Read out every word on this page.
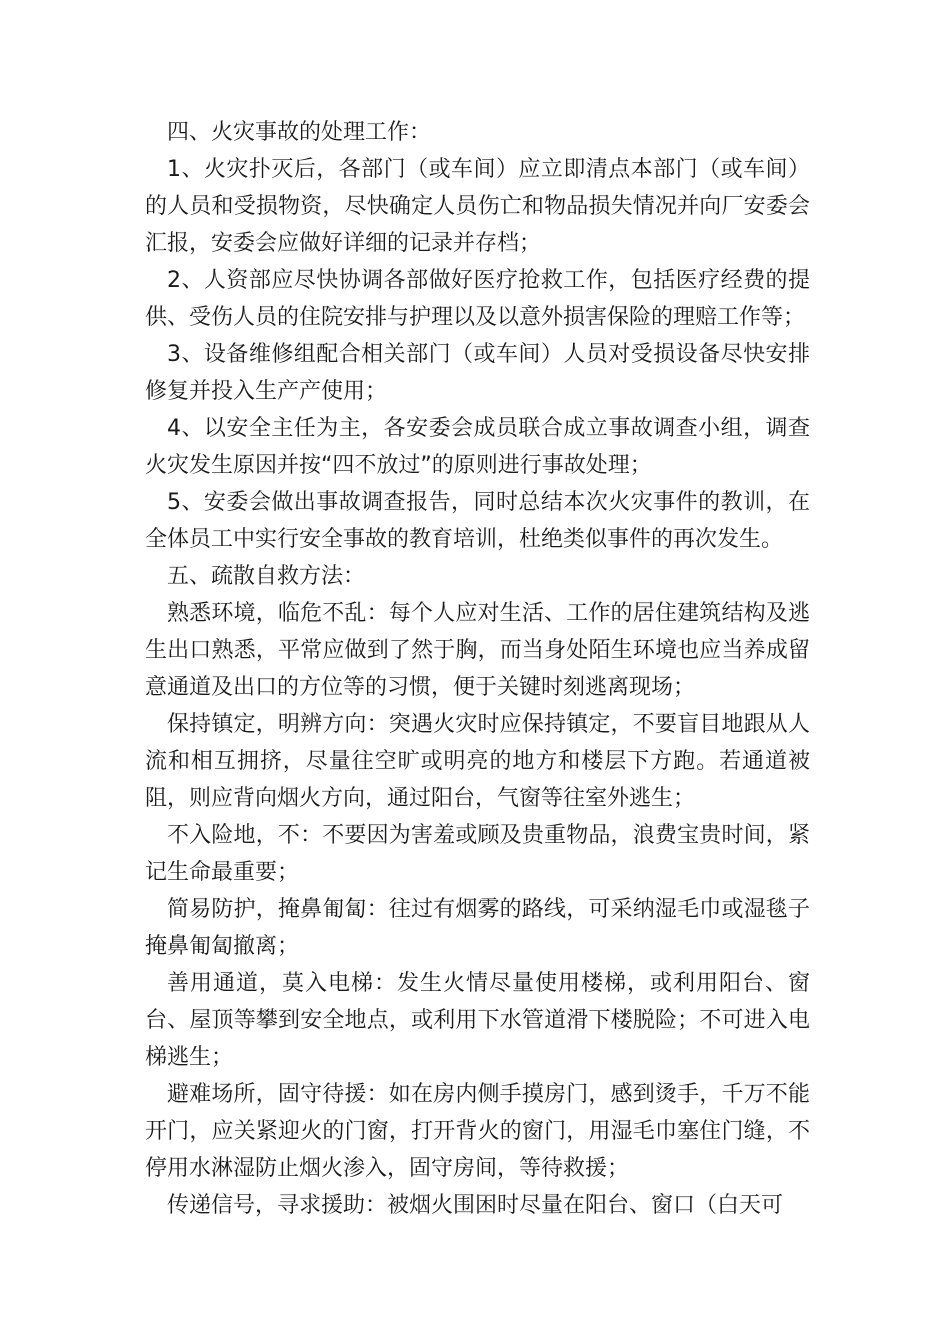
四、火灾事故的处理工作：

1、火灾扑灭后，各部门（或车间）应立即清点本部门（或车间）的人员和受损物资，尽快确定人员伤亡和物品损失情况并向厂安委会汇报，安委会应做好详细的记录并存档；

2、人资部应尽快协调各部做好医疗抢救工作，包括医疗经费的提供、受伤人员的住院安排与护理以及以意外损害保险的理赔工作等；

3、设备维修组配合相关部门（或车间）人员对受损设备尽快安排修复并投入生产产使用；

4、以安全主任为主，各安委会成员联合成立事故调查小组，调查火灾发生原因并按“四不放过”的原则进行事故处理；

5、安委会做出事故调查报告，同时总结本次火灾事件的教训，在全体员工中实行安全事故的教育培训，杜绝类似事件的再次发生。

五、疏散自救方法：

熟悉环境，临危不乱：每个人应对生活、工作的居住建筑结构及逃生出口熟悉，平常应做到了然于胸，而当身处陌生环境也应当养成留意通道及出口的方位等的习惯，便于关键时刻逃离现场；

保持镇定，明辨方向：突遇火灾时应保持镇定，不要盲目地跟从人流和相互拥挤，尽量往空旷或明亮的地方和楼层下方跑。若通道被阻，则应背向烟火方向，通过阳台，气窗等往室外逃生；

不入险地，不：不要因为害羞或顾及贵重物品，浪费宝贵时间，紧记生命最重要；

简易防护，掩鼻匍匐：往过有烟雾的路线，可采纳湿毛巾或湿毯子掩鼻匍匐撤离；

善用通道，莫入电梯：发生火情尽量使用楼梯，或利用阳台、窗台、屋顶等攀到安全地点，或利用下水管道滑下楼脱险；不可进入电梯逃生；

避难场所，固守待援：如在房内侧手摸房门，感到烫手，千万不能开门，应关紧迎火的门窗，打开背火的窗门，用湿毛巾塞住门缝，不停用水淋湿防止烟火渗入，固守房间，等待救援；

传递信号，寻求援助：被烟火围困时尽量在阳台、窗口（白天可
